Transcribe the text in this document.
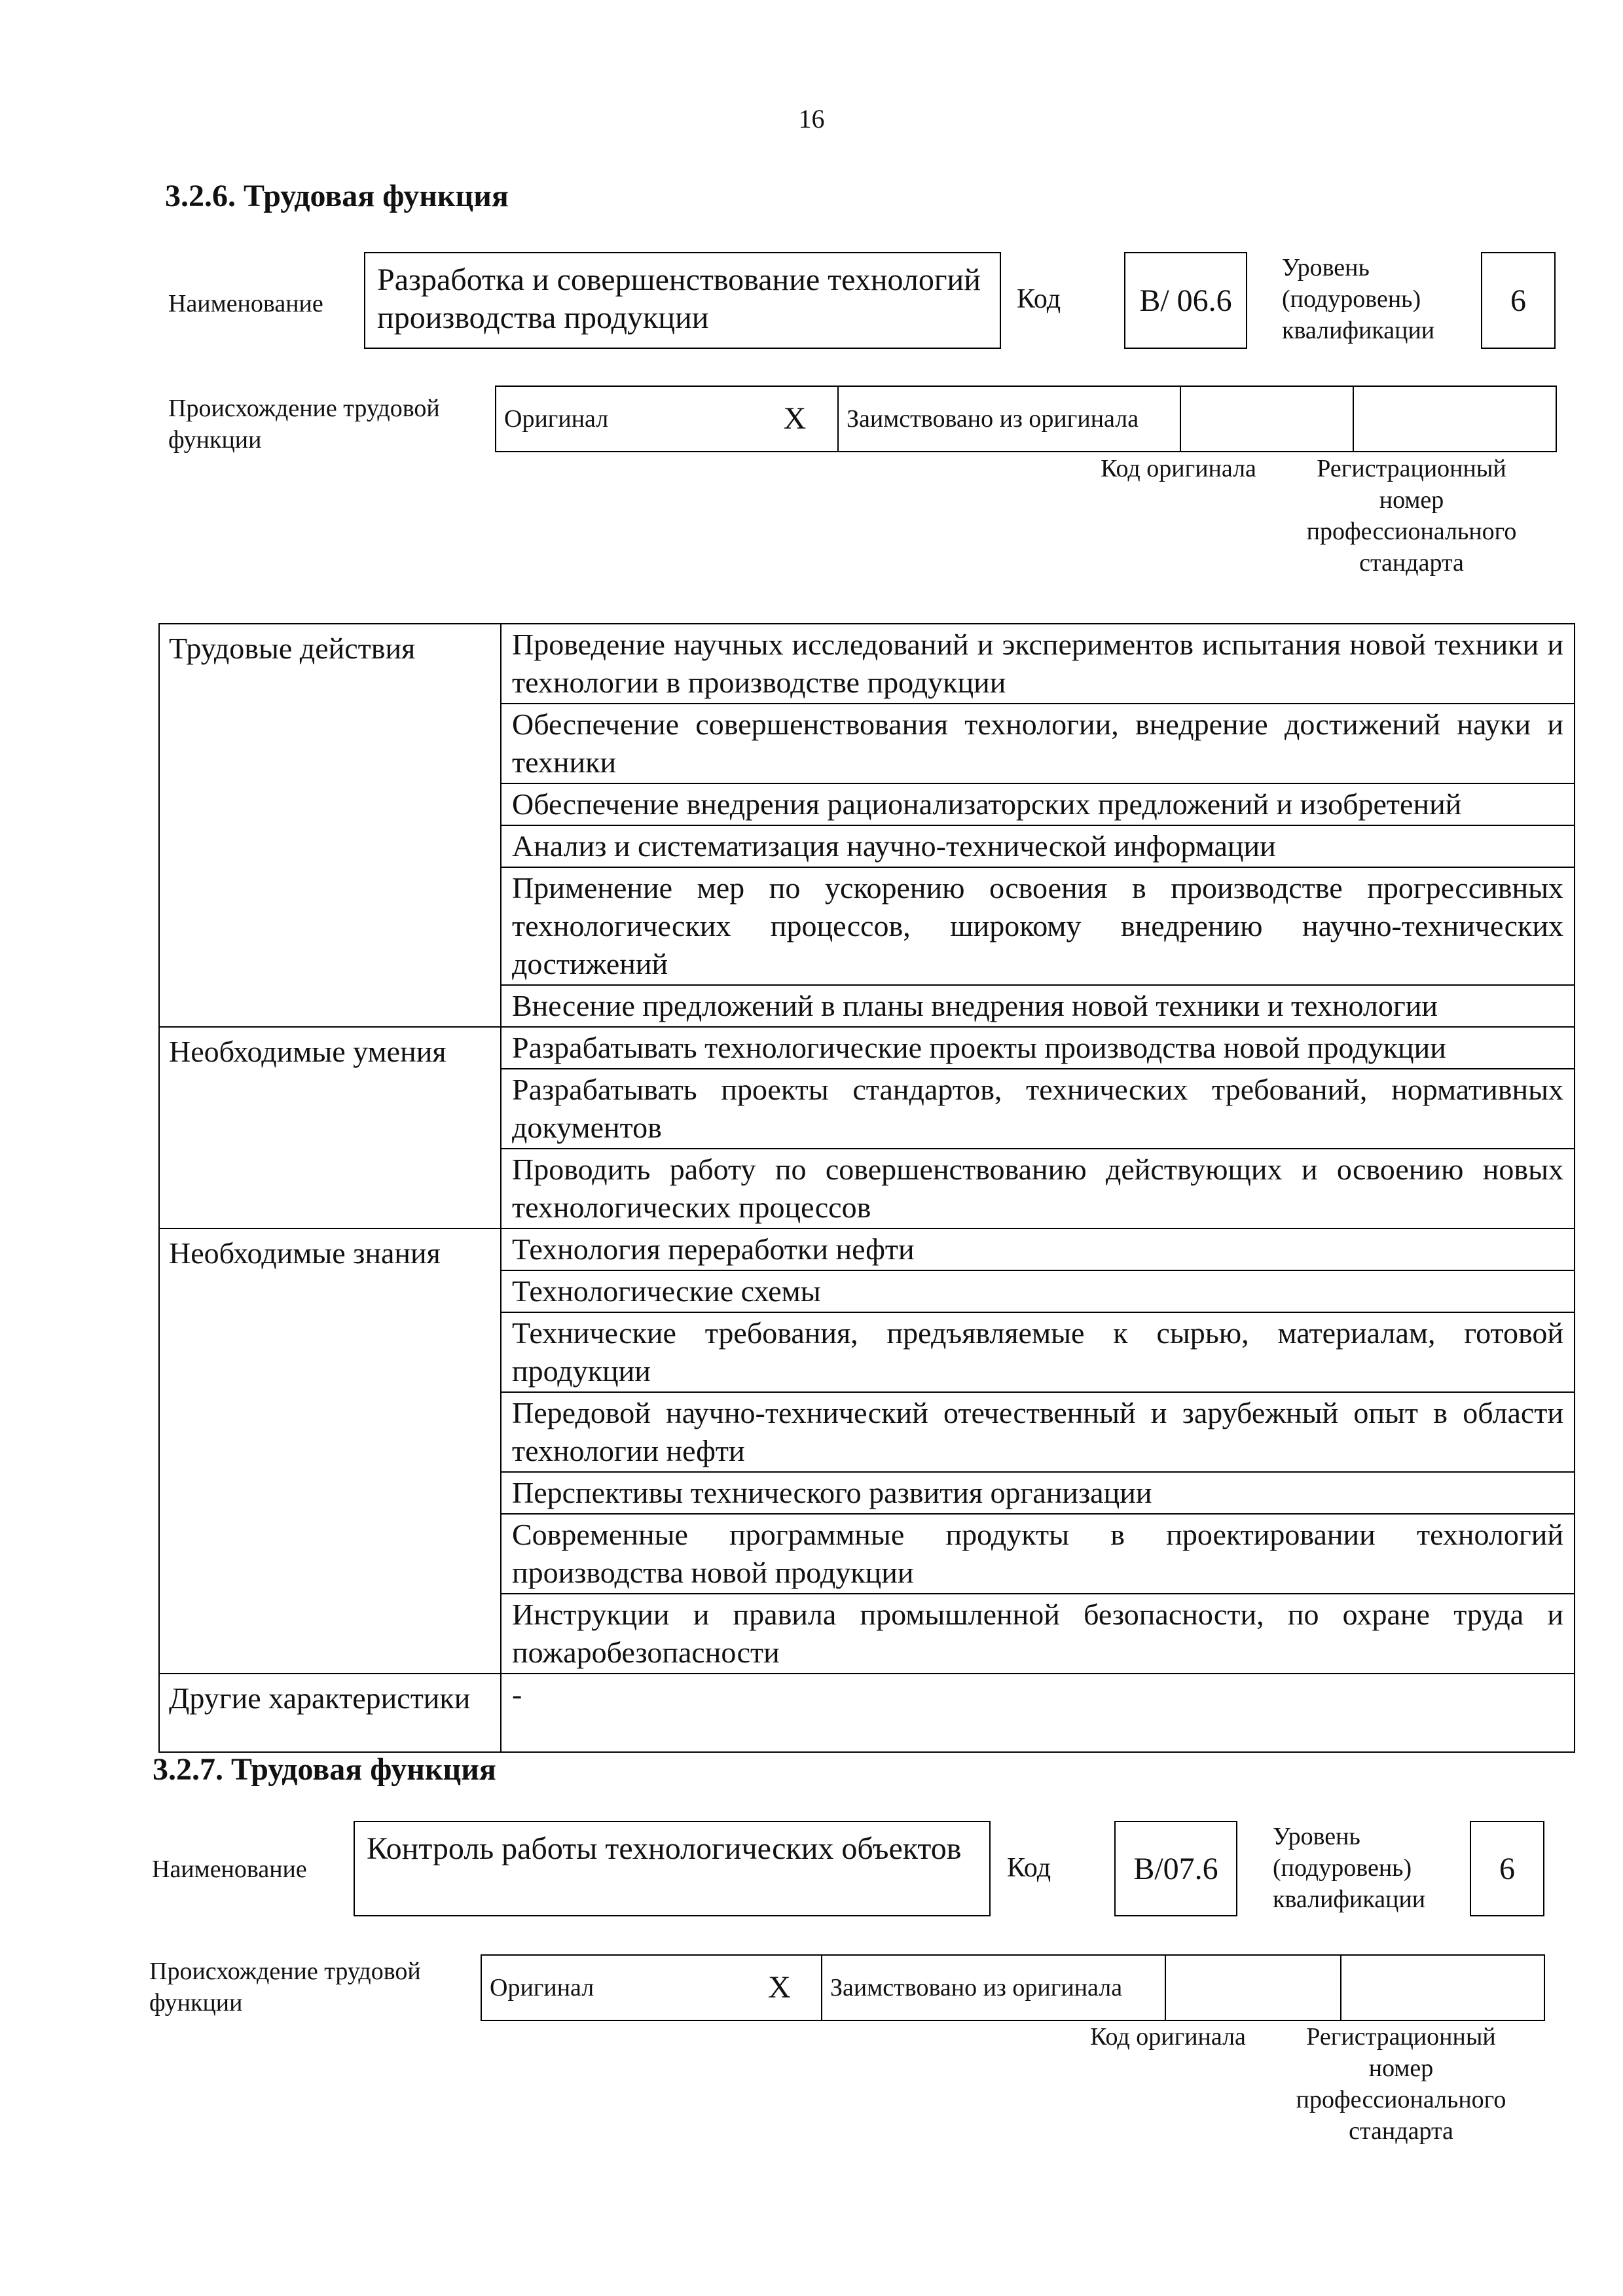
16
3.2.6. Трудовая функция
Наименование
Разработка и совершенствование технологий производства продукции
Код	В/ 06.6
Уровень (подуровень) квалификации
6
Происхождение трудовой функции
Оригинал	X	Заимствовано из оригинала		
Код оригинала	Регистрационный номер профессионального стандарта
Трудовые действия	Проведение научных исследований и экспериментов испытания новой техники и технологии в производстве продукции
	Обеспечение совершенствования технологии, внедрение достижений науки и техники
	Обеспечение внедрения рационализаторских предложений и изобретений
	Анализ и систематизация научно-технической информации
	Применение мер по ускорению освоения в производстве прогрессивных технологических процессов, широкому внедрению научно-технических достижений
	Внесение предложений в планы внедрения новой техники и технологии
Необходимые умения	Разрабатывать технологические проекты производства новой продукции
	Разрабатывать проекты стандартов, технических требований, нормативных документов
	Проводить работу по совершенствованию действующих и освоению новых технологических процессов
Необходимые знания	Технология переработки нефти
	Технологические схемы
	Технические требования, предъявляемые к сырью, материалам, готовой продукции
	Передовой научно-технический отечественный и зарубежный опыт в области технологии нефти
	Перспективы технического развития организации
	Современные программные продукты в проектировании технологий производства новой продукции
	Инструкции и правила промышленной безопасности, по охране труда и пожаробезопасности
Другие характеристики	-
3.2.7. Трудовая функция
Наименование
Контроль работы технологических объектов
Код	В/07.6
Уровень (подуровень) квалификации
6
Происхождение трудовой функции
Оригинал	X	Заимствовано из оригинала		
Код оригинала	Регистрационный номер профессионального стандарта
